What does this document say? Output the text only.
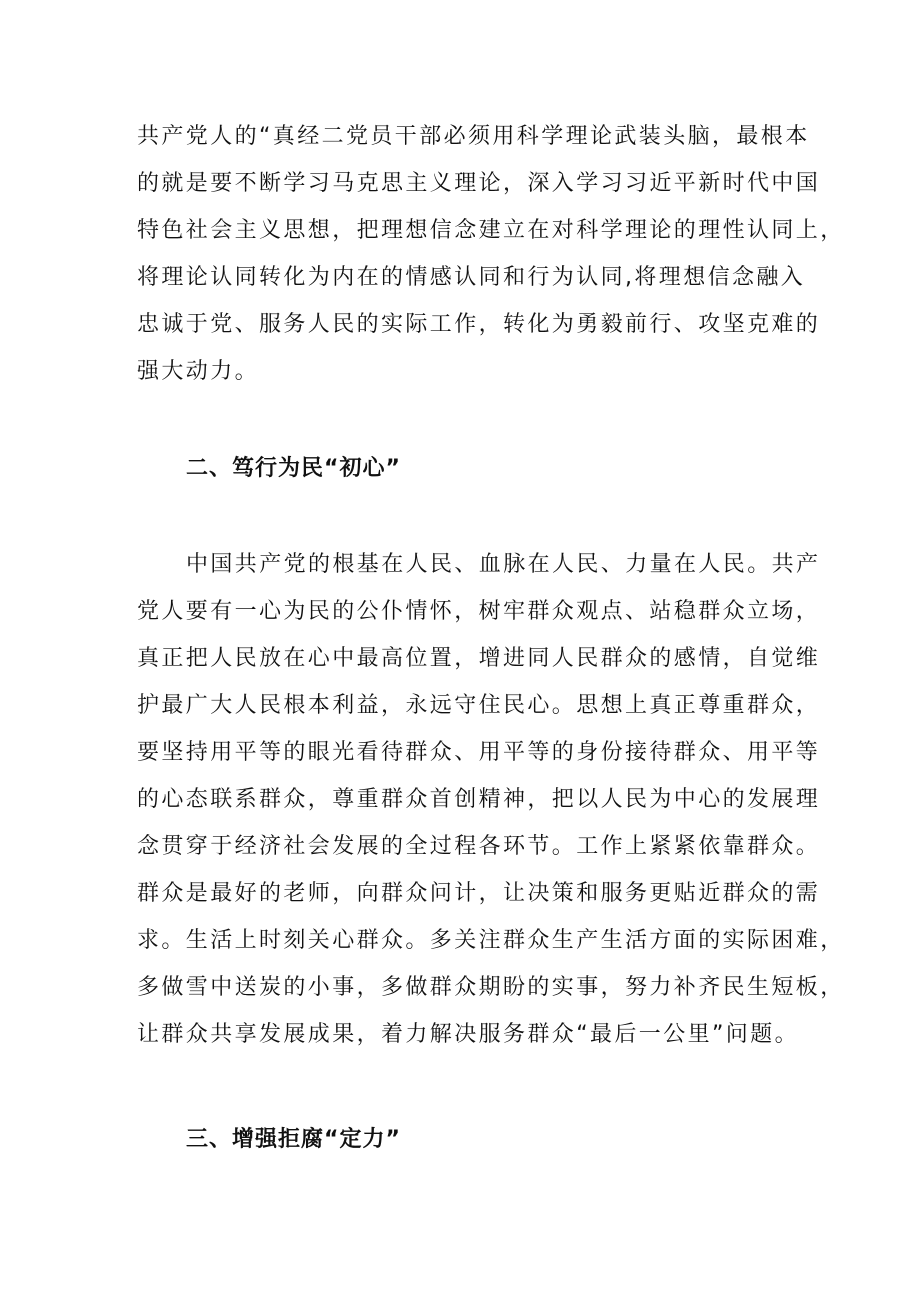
共产党人的“真经二党员干部必须用科学理论武装头脑，最根本
的就是要不断学习马克思主义理论，深入学习习近平新时代中国
特色社会主义思想，把理想信念建立在对科学理论的理性认同上，
将理论认同转化为内在的情感认同和行为认同,将理想信念融入
忠诚于党、服务人民的实际工作，转化为勇毅前行、攻坚克难的
强大动力。
二、笃行为民“初心”
中国共产党的根基在人民、血脉在人民、力量在人民。共产
党人要有一心为民的公仆情怀，树牢群众观点、站稳群众立场，
真正把人民放在心中最高位置，增进同人民群众的感情，自觉维
护最广大人民根本利益，永远守住民心。思想上真正尊重群众，
要坚持用平等的眼光看待群众、用平等的身份接待群众、用平等
的心态联系群众，尊重群众首创精神，把以人民为中心的发展理
念贯穿于经济社会发展的全过程各环节。工作上紧紧依靠群众。
群众是最好的老师，向群众问计，让决策和服务更贴近群众的需
求。生活上时刻关心群众。多关注群众生产生活方面的实际困难，
多做雪中送炭的小事，多做群众期盼的实事，努力补齐民生短板，
让群众共享发展成果，着力解决服务群众“最后一公里”问题。
三、增强拒腐“定力”
